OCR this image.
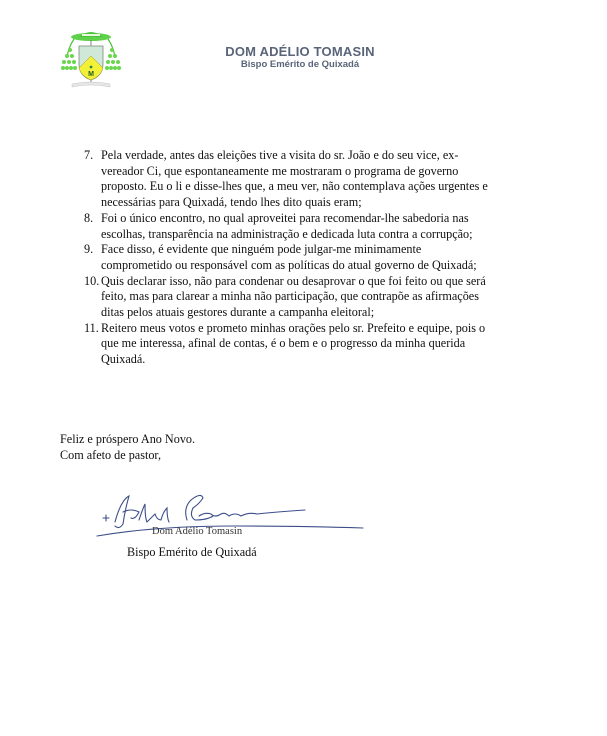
M
DOM ADÉLIO TOMASIN
Bispo Emérito de Quixadá
7. Pela verdade, antes das eleições tive a visita do sr. João e do seu vice, ex-
vereador Ci, que espontaneamente me mostraram o programa de governo
proposto. Eu o li e disse-lhes que, a meu ver, não contemplava ações urgentes e
necessárias para Quixadá, tendo lhes dito quais eram;
8. Foi o único encontro, no qual aproveitei para recomendar-lhe sabedoria nas
escolhas, transparência na administração e dedicada luta contra a corrupção;
9. Face disso, é evidente que ninguém pode julgar-me minimamente
comprometido ou responsável com as políticas do atual governo de Quixadá;
10. Quis declarar isso, não para condenar ou desaprovar o que foi feito ou que será
feito, mas para clarear a minha não participação, que contrapõe as afirmações
ditas pelos atuais gestores durante a campanha eleitoral;
11. Reitero meus votos e prometo minhas orações pelo sr. Prefeito e equipe, pois o
que me interessa, afinal de contas, é o bem e o progresso da minha querida
Quixadá.
Feliz e próspero Ano Novo.
Com afeto de pastor,
Dom Adélio Tomasin
Bispo Emérito de Quixadá
